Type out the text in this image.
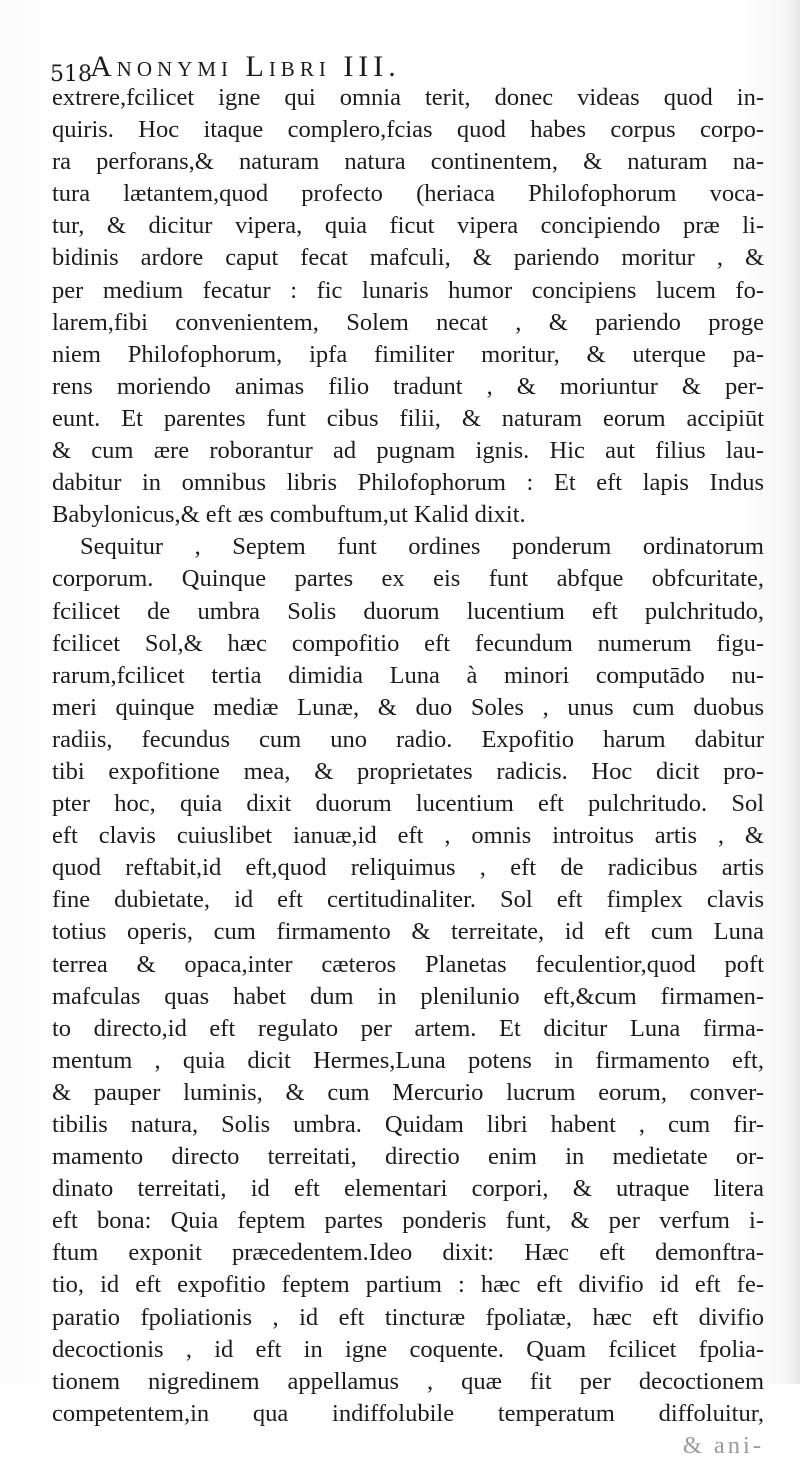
518
Anonymi Libri III.
extrere,fcilicet igne qui omnia terit, donec videas quod in-
quiris. Hoc itaque complero,fcias quod habes corpus corpo-
ra perforans,& naturam natura continentem, & naturam na-
tura lætantem,quod profecto (heriaca Philofophorum voca-
tur, & dicitur vipera, quia ficut vipera concipiendo præ li-
bidinis ardore caput fecat mafculi, & pariendo moritur , &
per medium fecatur : fic lunaris humor concipiens lucem fo-
larem,fibi convenientem, Solem necat , & pariendo proge
niem Philofophorum, ipfa fimiliter moritur, & uterque pa-
rens moriendo animas filio tradunt , & moriuntur & per-
eunt. Et parentes funt cibus filii, & naturam eorum accipiūt
& cum ære roborantur ad pugnam ignis. Hic aut filius lau-
dabitur in omnibus libris Philofophorum : Et eft lapis Indus
Babylonicus,& eft æs combuftum,ut Kalid dixit.
Sequitur , Septem funt ordines ponderum ordinatorum
corporum. Quinque partes ex eis funt abfque obfcuritate,
fcilicet de umbra Solis duorum lucentium eft pulchritudo,
fcilicet Sol,& hæc compofitio eft fecundum numerum figu-
rarum,fcilicet tertia dimidia Luna à minori computādo nu-
meri quinque mediæ Lunæ, & duo Soles , unus cum duobus
radiis, fecundus cum uno radio. Expofitio harum dabitur
tibi expofitione mea, & proprietates radicis. Hoc dicit pro-
pter hoc, quia dixit duorum lucentium eft pulchritudo. Sol
eft clavis cuiuslibet ianuæ,id eft , omnis introitus artis , &
quod reftabit,id eft,quod reliquimus , eft de radicibus artis
fine dubietate, id eft certitudinaliter. Sol eft fimplex clavis
totius operis, cum firmamento & terreitate, id eft cum Luna
terrea & opaca,inter cæteros Planetas feculentior,quod poft
mafculas quas habet dum in plenilunio eft,&cum firmamen-
to directo,id eft regulato per artem. Et dicitur Luna firma-
mentum , quia dicit Hermes,Luna potens in firmamento eft,
& pauper luminis, & cum Mercurio lucrum eorum, conver-
tibilis natura, Solis umbra. Quidam libri habent , cum fir-
mamento directo terreitati, directio enim in medietate or-
dinato terreitati, id eft elementari corpori, & utraque litera
eft bona: Quia feptem partes ponderis funt, & per verfum i-
ftum exponit præcedentem.Ideo dixit: Hæc eft demonftra-
tio, id eft expofitio feptem partium : hæc eft divifio id eft fe-
paratio fpoliationis , id eft tincturæ fpoliatæ, hæc eft divifio
decoctionis , id eft in igne coquente. Quam fcilicet fpolia-
tionem nigredinem appellamus , quæ fit per decoctionem
competentem,in qua indiffolubile temperatum diffoluitur,
& ani-
